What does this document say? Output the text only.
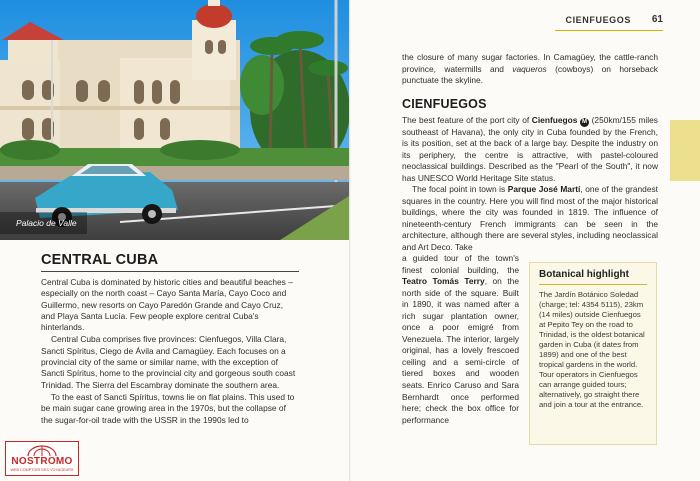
Palacio de Valle
CENTRAL CUBA

Central Cuba is dominated by historic cities and beautiful beaches – especially on the north coast – Cayo Santa María, Cayo Coco and Guillermo, new resorts on Cayo Paredón Grande and Cayo Cruz, and Playa Santa Lucía. Few people explore central Cuba's hinterlands.

Central Cuba comprises five provinces: Cienfuegos, Villa Clara, Sancti Spíritus, Ciego de Ávila and Camagüey. Each focuses on a provincial city of the same or similar name, with the exception of Sancti Spíritus, home to the provincial city and gorgeous south coast Trinidad. The Sierra del Escambray dominate the southern area.

To the east of Sancti Spíritus, towns lie on flat plains. This used to be main sugar cane growing area in the 1970s, but the collapse of the sugar-for-oil trade with the USSR in the 1990s led to

NOSTROMO
WEB COMPTOIR DES VOYAGEURS
CIENFUEGOS 61

the closure of many sugar factories. In Camagüey, the cattle-ranch province, watermills and vaqueros (cowboys) on horseback punctuate the skyline.

CIENFUEGOS

The best feature of the port city of Cienfuegos M (250km/155 miles southeast of Havana), the only city in Cuba founded by the French, is its position, set at the back of a large bay. Despite the industry on its periphery, the centre is attractive, with pastel-coloured neoclassical buildings. Described as the "Pearl of the South", it now has UNESCO World Heritage Site status.

The focal point in town is Parque José Martí, one of the grandest squares in the country. Here you will find most of the major historical buildings, where the city was founded in 1819. The influence of nineteenth-century French immigrants can be seen in the architecture, although there are several styles, including neoclassical and Art Deco. Take

a guided tour of the town's finest colonial building, the Teatro Tomás Terry, on the north side of the square. Built in 1890, it was named after a rich sugar plantation owner, once a poor emigré from Venezuela. The interior, largely original, has a lovely frescoed ceiling and a semi-circle of tiered boxes and wooden seats. Enrico Caruso and Sara Bernhardt once performed here; check the box office for performance

Botanical highlight

The Jardín Botánico Soledad (charge; tel: 4354 5115), 23km (14 miles) outside Cienfuegos at Pepito Tey on the road to Trinidad, is the oldest botanical garden in Cuba (it dates from 1899) and one of the best tropical gardens in the world. Tour operators in Cienfuegos can arrange guided tours; alternatively, go straight there and join a tour at the entrance.
